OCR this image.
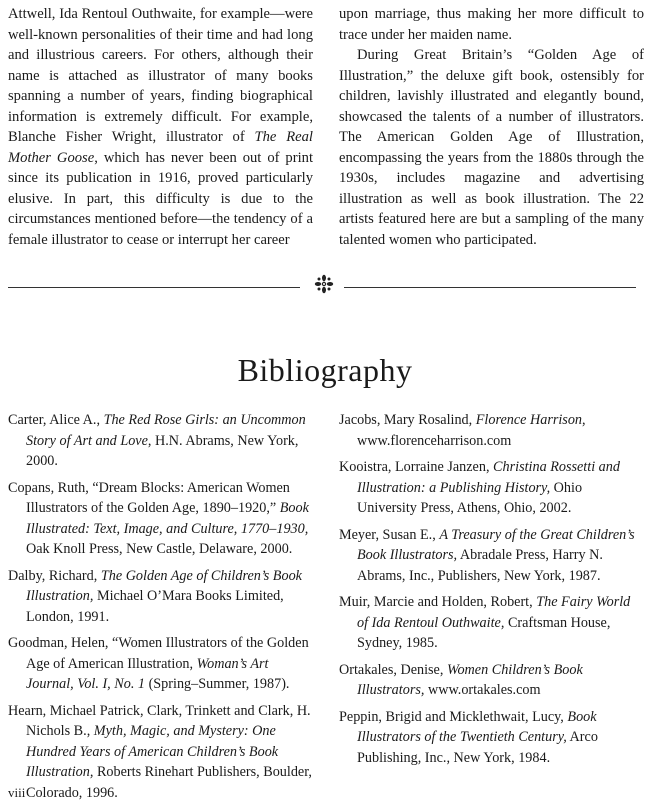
Attwell, Ida Rentoul Outhwaite, for example—were well-known personalities of their time and had long and illustrious careers. For others, although their name is attached as illustrator of many books spanning a number of years, finding biographical information is extremely difficult. For example, Blanche Fisher Wright, illustrator of The Real Mother Goose, which has never been out of print since its publication in 1916, proved particularly elusive. In part, this difficulty is due to the circumstances mentioned before—the tendency of a female illustrator to cease or interrupt her career

upon marriage, thus making her more difficult to trace under her maiden name.

During Great Britain’s “Golden Age of Illustration,” the deluxe gift book, ostensibly for children, lavishly illustrated and elegantly bound, showcased the talents of a number of illustrators. The American Golden Age of Illustration, encompassing the years from the 1880s through the 1930s, includes magazine and advertising illustration as well as book illustration. The 22 artists featured here are but a sampling of the many talented women who participated.

Bibliography
Carter, Alice A., The Red Rose Girls: an Uncommon Story of Art and Love, H.N. Abrams, New York, 2000.
Copans, Ruth, “Dream Blocks: American Women Illustrators of the Golden Age, 1890–1920,” Book Illustrated: Text, Image, and Culture, 1770–1930, Oak Knoll Press, New Castle, Delaware, 2000.
Dalby, Richard, The Golden Age of Children’s Book Illustration, Michael O’Mara Books Limited, London, 1991.
Goodman, Helen, “Women Illustrators of the Golden Age of American Illustration, Woman’s Art Journal, Vol. I, No. 1 (Spring–Summer, 1987).
Hearn, Michael Patrick, Clark, Trinkett and Clark, H. Nichols B., Myth, Magic, and Mystery: One Hundred Years of American Children’s Book Illustration, Roberts Rinehart Publishers, Boulder, Colorado, 1996.
Jacobs, Mary Rosalind, Florence Harrison, www.florenceharrison.com
Kooistra, Lorraine Janzen, Christina Rossetti and Illustration: a Publishing History, Ohio University Press, Athens, Ohio, 2002.
Meyer, Susan E., A Treasury of the Great Children’s Book Illustrators, Abradale Press, Harry N. Abrams, Inc., Publishers, New York, 1987.
Muir, Marcie and Holden, Robert, The Fairy World of Ida Rentoul Outhwaite, Craftsman House, Sydney, 1985.
Ortakales, Denise, Women Children’s Book Illustrators, www.ortakales.com
Peppin, Brigid and Micklethwait, Lucy, Book Illustrators of the Twentieth Century, Arco Publishing, Inc., New York, 1984.
viii
